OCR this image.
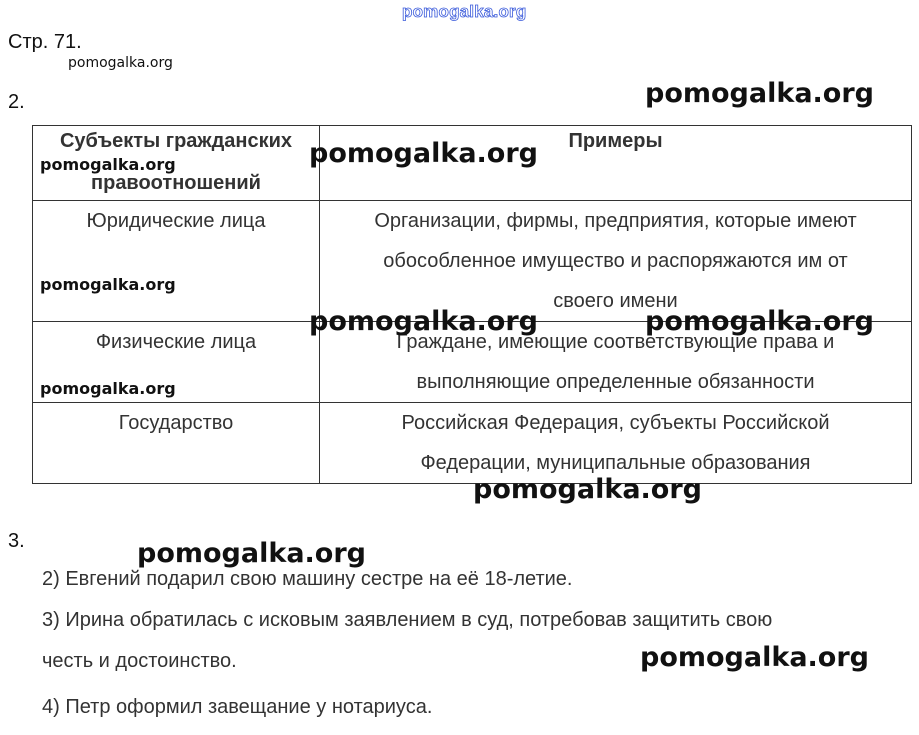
pomogalka.org
Стр. 71.
pomogalka.org
2.
Субъекты гражданских
правоотношений	Примеры
Юридические лица	Организации, фирмы, предприятия, которые имеют
обособленное имущество и распоряжаются им от
своего имени

Физические лица	Граждане, имеющие соответствующие права и
выполняющие определенные обязанности

Государство	Российская Федерация, субъекты Российской
Федерации, муниципальные образования
pomogalka.org
pomogalka.org
pomogalka.org
pomogalka.org
pomogalka.org	pomogalka.org
pomogalka.org
pomogalka.org
3.	pomogalka.org
2) Евгений подарил свою машину сестре на её 18-летие.
3) Ирина обратилась с исковым заявлением в суд, потребовав защитить свою
честь и достоинство.	pomogalka.org
4) Петр оформил завещание у нотариуса.
